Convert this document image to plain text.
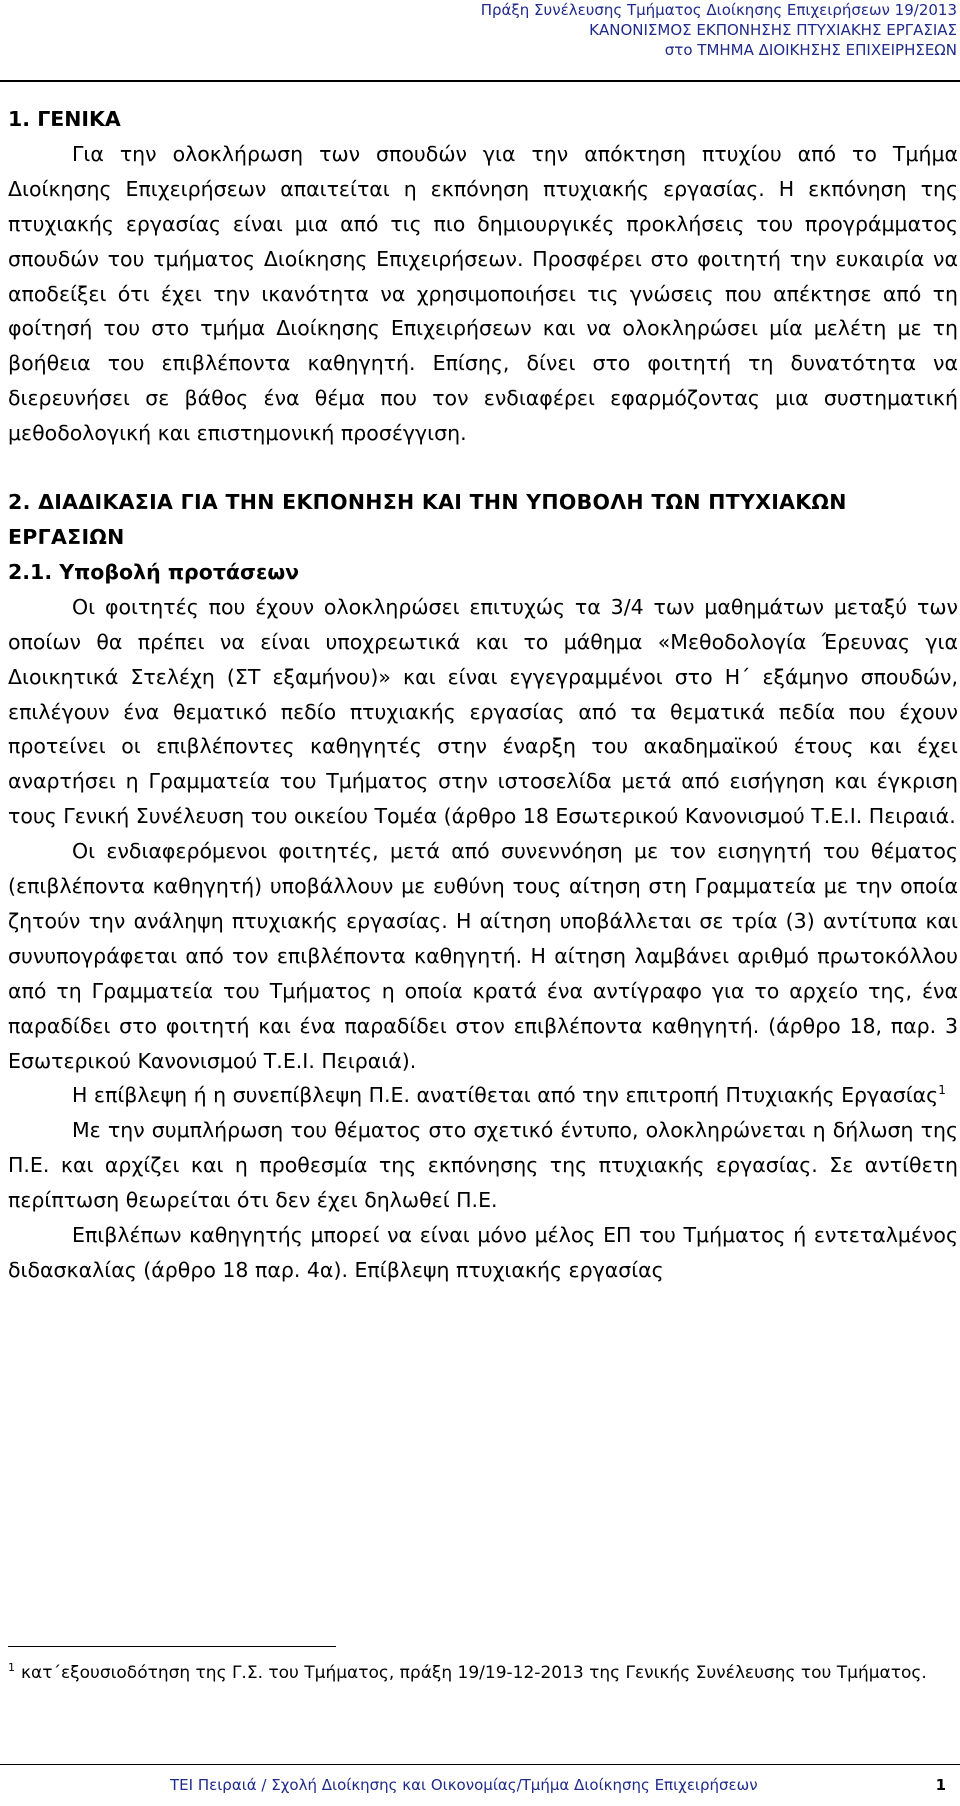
Πράξη Συνέλευσης Τμήματος Διοίκησης Επιχειρήσεων 19/2013
ΚΑΝΟΝΙΣΜΟΣ ΕΚΠΟΝΗΣΗΣ ΠΤΥΧΙΑΚΗΣ ΕΡΓΑΣΙΑΣ
στο ΤΜΗΜΑ ΔΙΟΙΚΗΣΗΣ ΕΠΙΧΕΙΡΗΣΕΩΝ
1. ΓΕΝΙΚΑ
Για την ολοκλήρωση των σπουδών για την απόκτηση πτυχίου από το Τμήμα Διοίκησης Επιχειρήσεων απαιτείται η εκπόνηση πτυχιακής εργασίας. Η εκπόνηση της πτυχιακής εργασίας είναι μια από τις πιο δημιουργικές προκλήσεις του προγράμματος σπουδών του τμήματος Διοίκησης Επιχειρήσεων. Προσφέρει στο φοιτητή την ευκαιρία να αποδείξει ότι έχει την ικανότητα να χρησιμοποιήσει τις γνώσεις που απέκτησε από τη φοίτησή του στο τμήμα Διοίκησης Επιχειρήσεων και να ολοκληρώσει μία μελέτη με τη βοήθεια του επιβλέποντα καθηγητή. Επίσης, δίνει στο φοιτητή τη δυνατότητα να διερευνήσει σε βάθος ένα θέμα που τον ενδιαφέρει εφαρμόζοντας μια συστηματική μεθοδολογική και επιστημονική προσέγγιση.
2. ΔΙΑΔΙΚΑΣΙΑ ΓΙΑ ΤΗΝ ΕΚΠΟΝΗΣΗ ΚΑΙ ΤΗΝ ΥΠΟΒΟΛΗ ΤΩΝ ΠΤΥΧΙΑΚΩΝ ΕΡΓΑΣΙΩΝ
2.1. Υποβολή προτάσεων
Οι φοιτητές που έχουν ολοκληρώσει επιτυχώς τα 3/4 των μαθημάτων μεταξύ των οποίων θα πρέπει να είναι υποχρεωτικά και το μάθημα «Μεθοδολογία Έρευνας για Διοικητικά Στελέχη (ΣΤ εξαμήνου)» και είναι εγγεγραμμένοι στο Η΄ εξάμηνο σπουδών, επιλέγουν ένα θεματικό πεδίο πτυχιακής εργασίας από τα θεματικά πεδία που έχουν προτείνει οι επιβλέποντες καθηγητές στην έναρξη του ακαδημαϊκού έτους και έχει αναρτήσει η Γραμματεία του Τμήματος στην ιστοσελίδα μετά από εισήγηση και έγκριση τους Γενική Συνέλευση του οικείου Τομέα (άρθρο 18 Εσωτερικού Κανονισμού Τ.Ε.Ι. Πειραιά.
Οι ενδιαφερόμενοι φοιτητές, μετά από συνεννόηση με τον εισηγητή του θέματος (επιβλέποντα καθηγητή) υποβάλλουν με ευθύνη τους αίτηση στη Γραμματεία με την οποία ζητούν την ανάληψη πτυχιακής εργασίας. Η αίτηση υποβάλλεται σε τρία (3) αντίτυπα και συνυπογράφεται από τον επιβλέποντα καθηγητή. Η αίτηση λαμβάνει αριθμό πρωτοκόλλου από τη Γραμματεία του Τμήματος η οποία κρατά ένα αντίγραφο για το αρχείο της, ένα παραδίδει στο φοιτητή και ένα παραδίδει στον επιβλέποντα καθηγητή. (άρθρο 18, παρ. 3 Εσωτερικού Κανονισμού Τ.Ε.Ι. Πειραιά).
Η επίβλεψη ή η συνεπίβλεψη Π.Ε. ανατίθεται από την επιτροπή Πτυχιακής Εργασίας$^1$
Με την συμπλήρωση του θέματος στο σχετικό έντυπο, ολοκληρώνεται η δήλωση της Π.Ε. και αρχίζει και η προθεσμία της εκπόνησης της πτυχιακής εργασίας. Σε αντίθετη περίπτωση θεωρείται ότι δεν έχει δηλωθεί Π.Ε.
Επιβλέπων καθηγητής μπορεί να είναι μόνο μέλος ΕΠ του Τμήματος ή εντεταλμένος διδασκαλίας (άρθρο 18 παρ. 4α). Επίβλεψη πτυχιακής εργασίας
$^1$ κατ΄εξουσιοδότηση της Γ.Σ. του Τμήματος, πράξη 19/19-12-2013 της Γενικής Συνέλευσης του Τμήματος.
ΤΕΙ Πειραιά / Σχολή Διοίκησης και Οικονομίας/Τμήμα Διοίκησης Επιχειρήσεων	1
